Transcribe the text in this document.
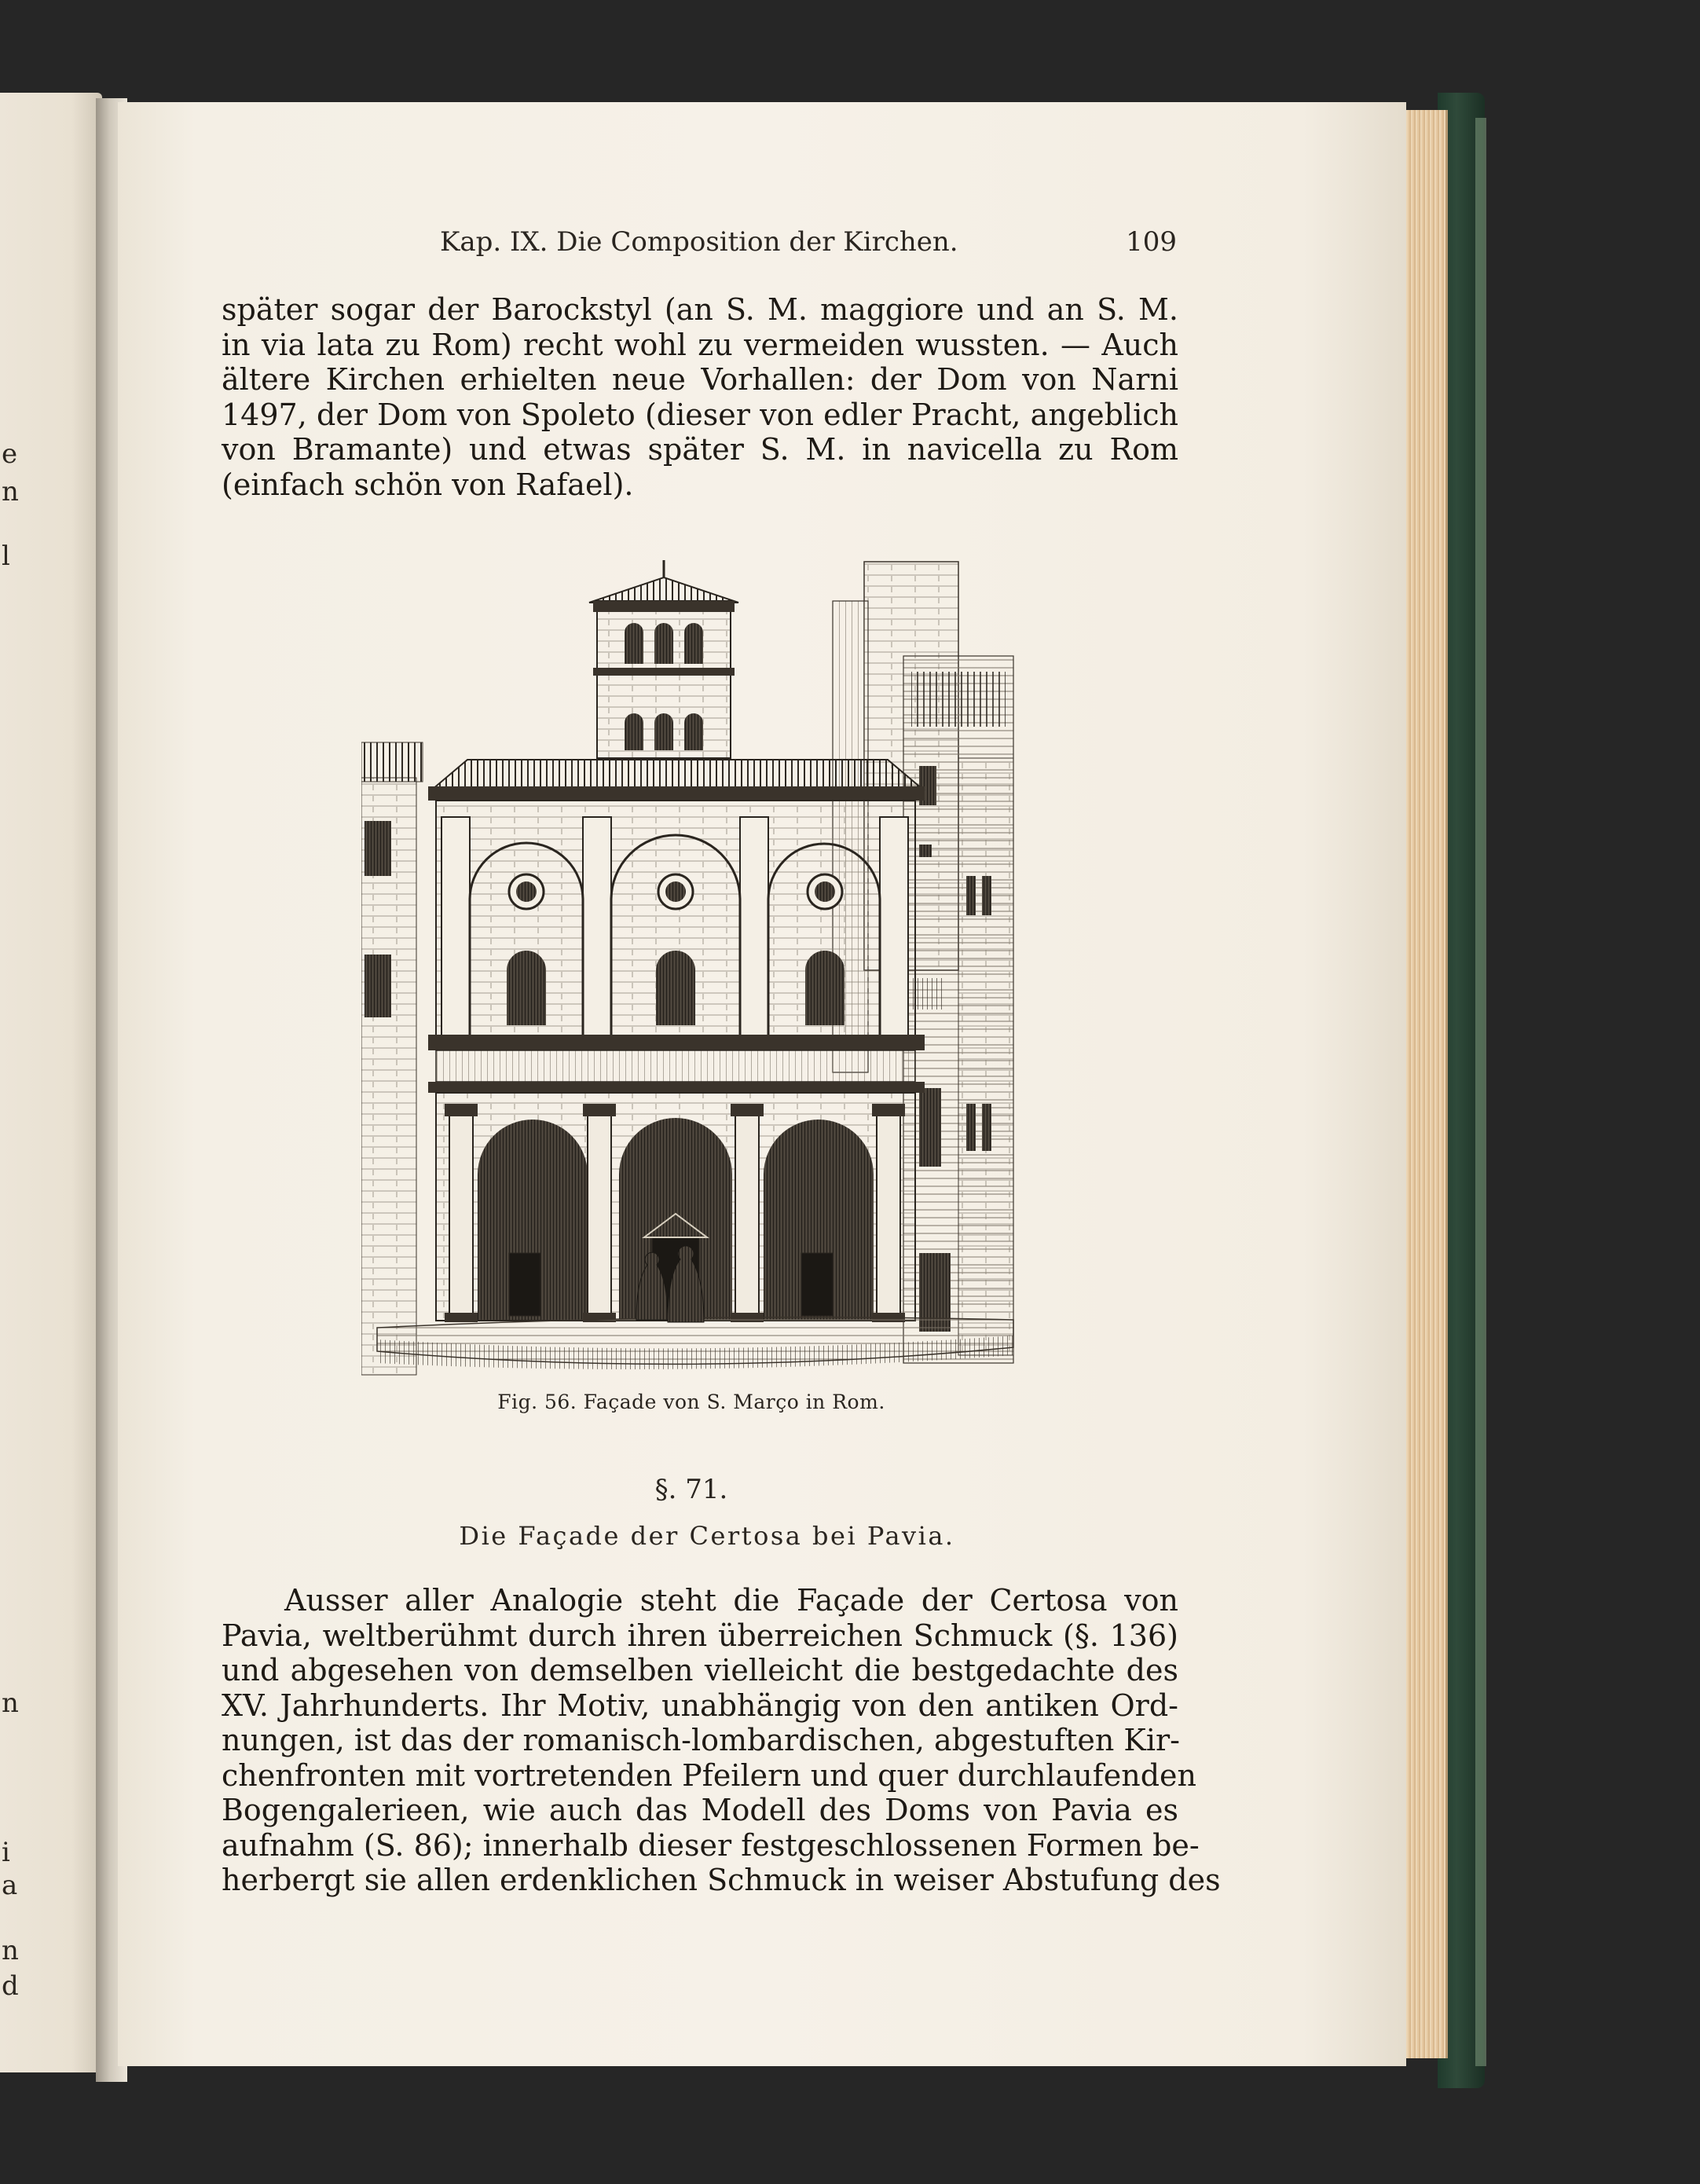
e
n
l
n
i
a
n
d
Kap. IX. Die Composition der Kirchen.	109
später sogar der Barockstyl (an S. M. maggiore und an S. M.
in via lata zu Rom) recht wohl zu vermeiden wussten. — Auch
ältere Kirchen erhielten neue Vorhallen: der Dom von Narni
1497, der Dom von Spoleto (dieser von edler Pracht, angeblich
von Bramante) und etwas später S. M. in navicella zu Rom
(einfach schön von Rafael).
Fig. 56. Façade von S. Marçо in Rom.
§. 71.
Die Façade der Certosa bei Pavia.
Ausser aller Analogie steht die Façade der Certosa von
Pavia, weltberühmt durch ihren überreichen Schmuck (§. 136)
und abgesehen von demselben vielleicht die bestgedachte des
XV. Jahrhunderts. Ihr Motiv, unabhängig von den antiken Ord-
nungen, ist das der romanisch-lombardischen, abgestuften Kir-
chenfronten mit vortretenden Pfeilern und quer durchlaufenden
Bogengalerieen, wie auch das Modell des Doms von Pavia es
aufnahm (S. 86); innerhalb dieser festgeschlossenen Formen be-
herbergt sie allen erdenklichen Schmuck in weiser Abstufung des
